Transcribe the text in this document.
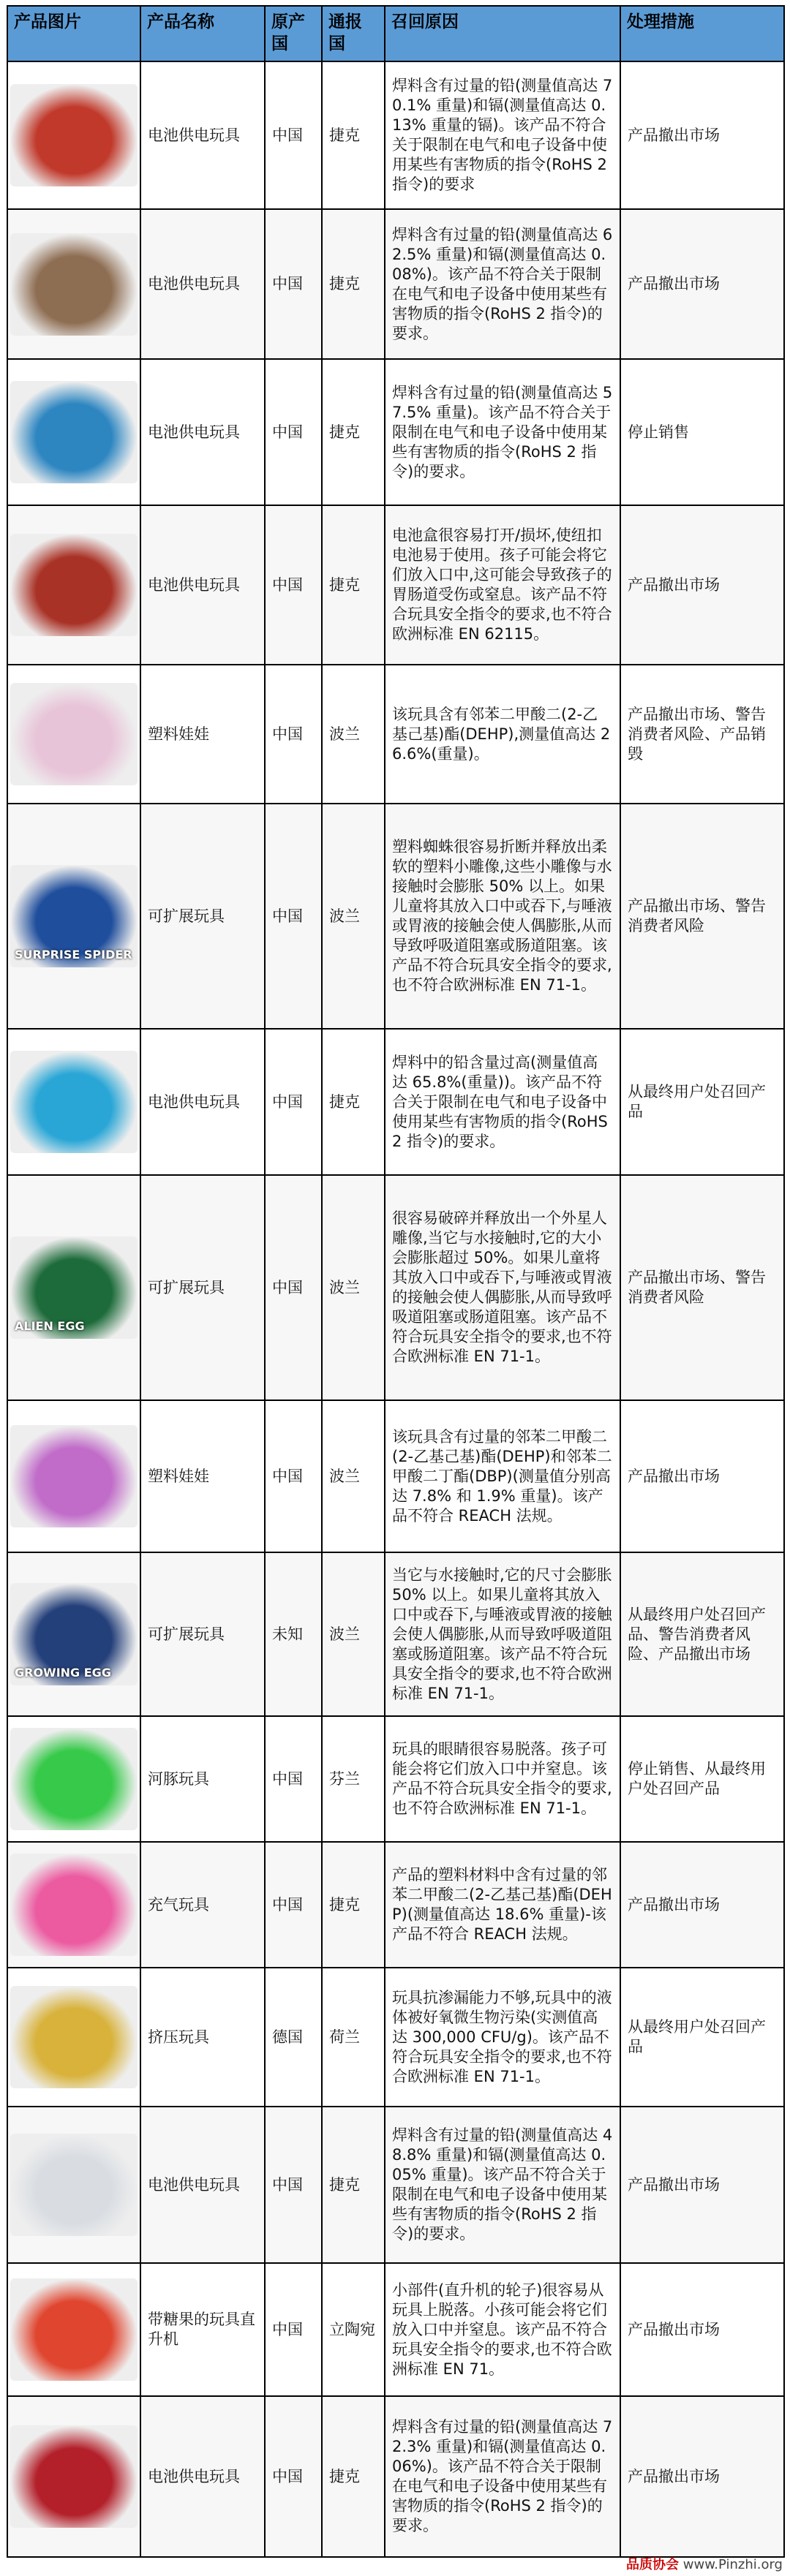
产品图片	产品名称	原产国	通报国	召回原因	处理措施

	电池供电玩具	中国	捷克	焊料含有过量的铅(测量值高达 70.1% 重量)和镉(测量值高达 0.13% 重量的镉)。该产品不符合关于限制在电气和电子设备中使用某些有害物质的指令(RoHS 2 指令)的要求	产品撤出市场

	电池供电玩具	中国	捷克	焊料含有过量的铅(测量值高达 62.5% 重量)和镉(测量值高达 0.08%)。该产品不符合关于限制在电气和电子设备中使用某些有害物质的指令(RoHS 2 指令)的要求。	产品撤出市场

	电池供电玩具	中国	捷克	焊料含有过量的铅(测量值高达 57.5% 重量)。该产品不符合关于限制在电气和电子设备中使用某些有害物质的指令(RoHS 2 指令)的要求。	停止销售

	电池供电玩具	中国	捷克	电池盒很容易打开/损坏,使纽扣电池易于使用。孩子可能会将它们放入口中,这可能会导致孩子的胃肠道受伤或窒息。该产品不符合玩具安全指令的要求,也不符合欧洲标准 EN 62115。	产品撤出市场

	塑料娃娃	中国	波兰	该玩具含有邻苯二甲酸二(2-乙基己基)酯(DEHP),测量值高达 26.6%(重量)。	产品撤出市场、警告消费者风险、产品销毁

SURPRISE SPIDER	可扩展玩具	中国	波兰	塑料蜘蛛很容易折断并释放出柔软的塑料小雕像,这些小雕像与水接触时会膨胀 50% 以上。如果儿童将其放入口中或吞下,与唾液或胃液的接触会使人偶膨胀,从而导致呼吸道阻塞或肠道阻塞。该产品不符合玩具安全指令的要求,也不符合欧洲标准 EN 71-1。	产品撤出市场、警告消费者风险

	电池供电玩具	中国	捷克	焊料中的铅含量过高(测量值高达 65.8%(重量))。该产品不符合关于限制在电气和电子设备中使用某些有害物质的指令(RoHS 2 指令)的要求。	从最终用户处召回产品

ALIEN EGG	可扩展玩具	中国	波兰	很容易破碎并释放出一个外星人雕像,当它与水接触时,它的大小会膨胀超过 50%。如果儿童将其放入口中或吞下,与唾液或胃液的接触会使人偶膨胀,从而导致呼吸道阻塞或肠道阻塞。该产品不符合玩具安全指令的要求,也不符合欧洲标准 EN 71-1。	产品撤出市场、警告消费者风险

	塑料娃娃	中国	波兰	该玩具含有过量的邻苯二甲酸二(2-乙基己基)酯(DEHP)和邻苯二甲酸二丁酯(DBP)(测量值分别高达 7.8% 和 1.9% 重量)。该产品不符合 REACH 法规。	产品撤出市场

GROWING EGG	可扩展玩具	未知	波兰	当它与水接触时,它的尺寸会膨胀 50% 以上。如果儿童将其放入口中或吞下,与唾液或胃液的接触会使人偶膨胀,从而导致呼吸道阻塞或肠道阻塞。该产品不符合玩具安全指令的要求,也不符合欧洲标准 EN 71-1。	从最终用户处召回产品、警告消费者风险、产品撤出市场

	河豚玩具	中国	芬兰	玩具的眼睛很容易脱落。孩子可能会将它们放入口中并窒息。该产品不符合玩具安全指令的要求,也不符合欧洲标准 EN 71-1。	停止销售、从最终用户处召回产品

	充气玩具	中国	捷克	产品的塑料材料中含有过量的邻苯二甲酸二(2-乙基己基)酯(DEHP)(测量值高达 18.6% 重量)-该产品不符合 REACH 法规。	产品撤出市场

	挤压玩具	德国	荷兰	玩具抗渗漏能力不够,玩具中的液体被好氧微生物污染(实测值高达 300,000 CFU/g)。该产品不符合玩具安全指令的要求,也不符合欧洲标准 EN 71-1。	从最终用户处召回产品

	电池供电玩具	中国	捷克	焊料含有过量的铅(测量值高达 48.8% 重量)和镉(测量值高达 0.05% 重量)。该产品不符合关于限制在电气和电子设备中使用某些有害物质的指令(RoHS 2 指令)的要求。	产品撤出市场

	带糖果的玩具直升机	中国	立陶宛	小部件(直升机的轮子)很容易从玩具上脱落。小孩可能会将它们放入口中并窒息。该产品不符合玩具安全指令的要求,也不符合欧洲标准 EN 71。	产品撤出市场

	电池供电玩具	中国	捷克	焊料含有过量的铅(测量值高达 72.3% 重量)和镉(测量值高达 0.06%)。该产品不符合关于限制在电气和电子设备中使用某些有害物质的指令(RoHS 2 指令)的要求。	产品撤出市场
品质协会 www.Pinzhi.org
